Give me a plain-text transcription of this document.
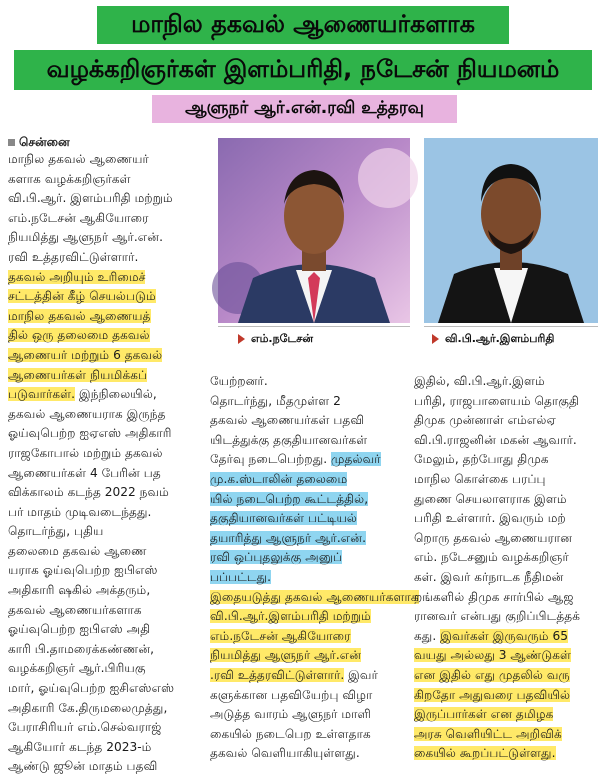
மாநில தகவல் ஆணையர்களாக
வழக்கறிஞர்கள் இளம்பரிதி, நடேசன் நியமனம்
ஆளுநர் ஆர்.என்.ரவி உத்தரவு
சென்னை
எம்.நடேசன்	வி.பி.ஆர்.இளம்பரிதி
மாநில தகவல் ஆணையர்
களாக வழக்கறிஞர்கள்
வி.பி.ஆர். இளம்பரிதி மற்றும்
எம்.நடேசன் ஆகியோரை
நியமித்து ஆளுநர் ஆர்.என்.
ரவி உத்தரவிட்டுள்ளார்.
தகவல் அறியும் உரிமைச்
சட்டத்தின் கீழ் செயல்படும்
மாநில தகவல் ஆணையத்
தில் ஒரு தலைமை தகவல்
ஆணையர் மற்றும் 6 தகவல்
ஆணையர்கள் நியமிக்கப்
படுவார்கள். இந்நிலையில்,
தகவல் ஆணையராக இருந்த
ஓய்வுபெற்ற ஐஏஎஸ் அதிகாரி
ராஜகோபால் மற்றும் தகவல்
ஆணையர்கள் 4 பேரின் பத
விக்காலம் கடந்த 2022 நவம்
பர் மாதம் முடிவடைந்தது.
தொடர்ந்து, புதிய
தலைமை தகவல் ஆணை
யராக ஓய்வுபெற்ற ஐபிஎஸ்
அதிகாரி ஷகில் அக்தரும்,
தகவல் ஆணையர்களாக
ஓய்வுபெற்ற ஐபிஎஸ் அதி
காரி பி.தாமரைக்கண்ணன்,
வழக்கறிஞர் ஆர்.பிரியகு
மார், ஓய்வுபெற்ற ஐசிஎஸ்எஸ்
அதிகாரி கே.திருமலைமுத்து,
பேராசிரியர் எம்.செல்வராஜ்
ஆகியோர் கடந்த 2023-ம்
ஆண்டு ஜூன் மாதம் பதவி
யேற்றனர்.
தொடர்ந்து, மீதமுள்ள 2
தகவல் ஆணையர்கள் பதவி
யிடத்துக்கு தகுதியானவர்கள்
தேர்வு நடைபெற்றது. முதல்வர்
மு.க.ஸ்டாலின் தலைமை
யில் நடைபெற்ற கூட்டத்தில்,
தகுதியானவர்கள் பட்டியல்
தயாரித்து ஆளுநர் ஆர்.என்.
ரவி ஒப்புதலுக்கு அனுப்
பப்பட்டது.
இதையடுத்து தகவல் ஆணையர்களாக
வி.பி.ஆர்.இளம்பரிதி மற்றும்
எம்.நடேசன் ஆகியோரை
நியமித்து ஆளுநர் ஆர்.என்
.ரவி உத்தரவிட்டுள்ளார். இவர்
களுக்கான பதவியேற்பு விழா
அடுத்த வாரம் ஆளுநர் மாளி
கையில் நடைபெற உள்ளதாக
தகவல் வெளியாகியுள்ளது.
இதில், வி.பி.ஆர்.இளம்
பரிதி, ராஜபாளையம் தொகுதி
திமுக முன்னாள் எம்எல்ஏ
வி.பி.ராஜனின் மகன் ஆவார்.
மேலும், தற்போது திமுக
மாநில கொள்கை பரப்பு
துணை செயலாளராக இளம்
பரிதி உள்ளார். இவரும் மற்
றொரு தகவல் ஆணையரான
எம். நடேசனும் வழக்கறிஞர்
கள். இவர் கர்நாடக நீதிமன்
றங்களில் திமுக சார்பில் ஆஜ
ரானவர் என்பது குறிப்பிடத்தக்
கது. இவர்கள் இருவரும் 65
வயது அல்லது 3 ஆண்டுகள்
என இதில் எது முதலில் வரு
கிறதோ அதுவரை பதவியில்
இருப்பார்கள் என தமிழக
அரசு வெளியிட்ட அறிவிக்
கையில் கூறப்பட்டுள்ளது.
